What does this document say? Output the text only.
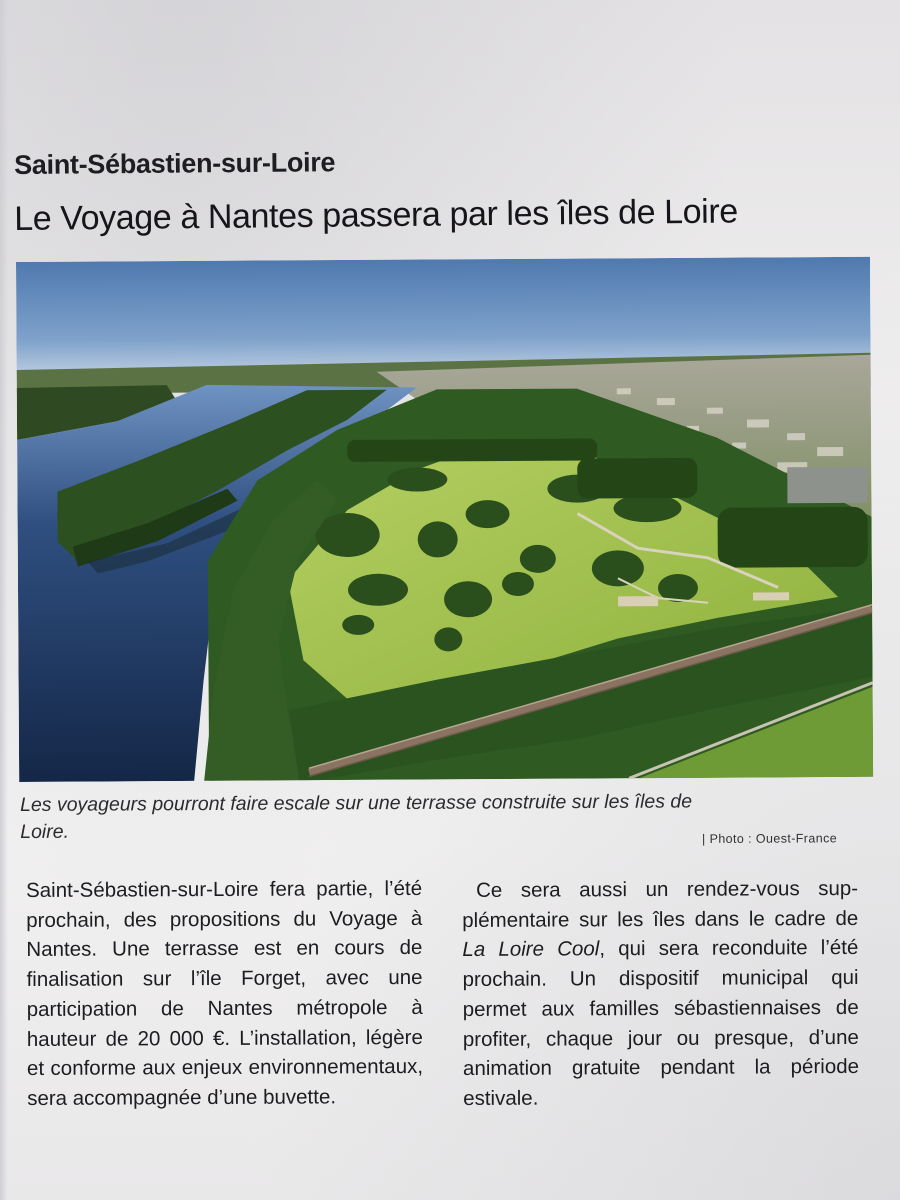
Saint-Sébastien-sur-Loire
Le Voyage à Nantes passera par les îles de Loire
Les voyageurs pourront faire escale sur une terrasse construite sur les îles de Loire.	| Photo : Ouest-France

Saint-Sébastien-sur-Loire fera partie, l’été prochain, des propositions du Voyage à Nantes. Une terrasse est en cours de finalisation sur l’île Forget, avec une participation de Nantes métropole à hauteur de 20 000 €. L’installation, légère et conforme aux enjeux environnementaux, sera accompagnée d’une buvette.

Ce sera aussi un rendez-vous supplémentaire sur les îles dans le cadre de La Loire Cool, qui sera reconduite l’été prochain. Un dispositif municipal qui permet aux familles sébastiennaises de profiter, chaque jour ou presque, d’une animation gratuite pendant la période estivale.
